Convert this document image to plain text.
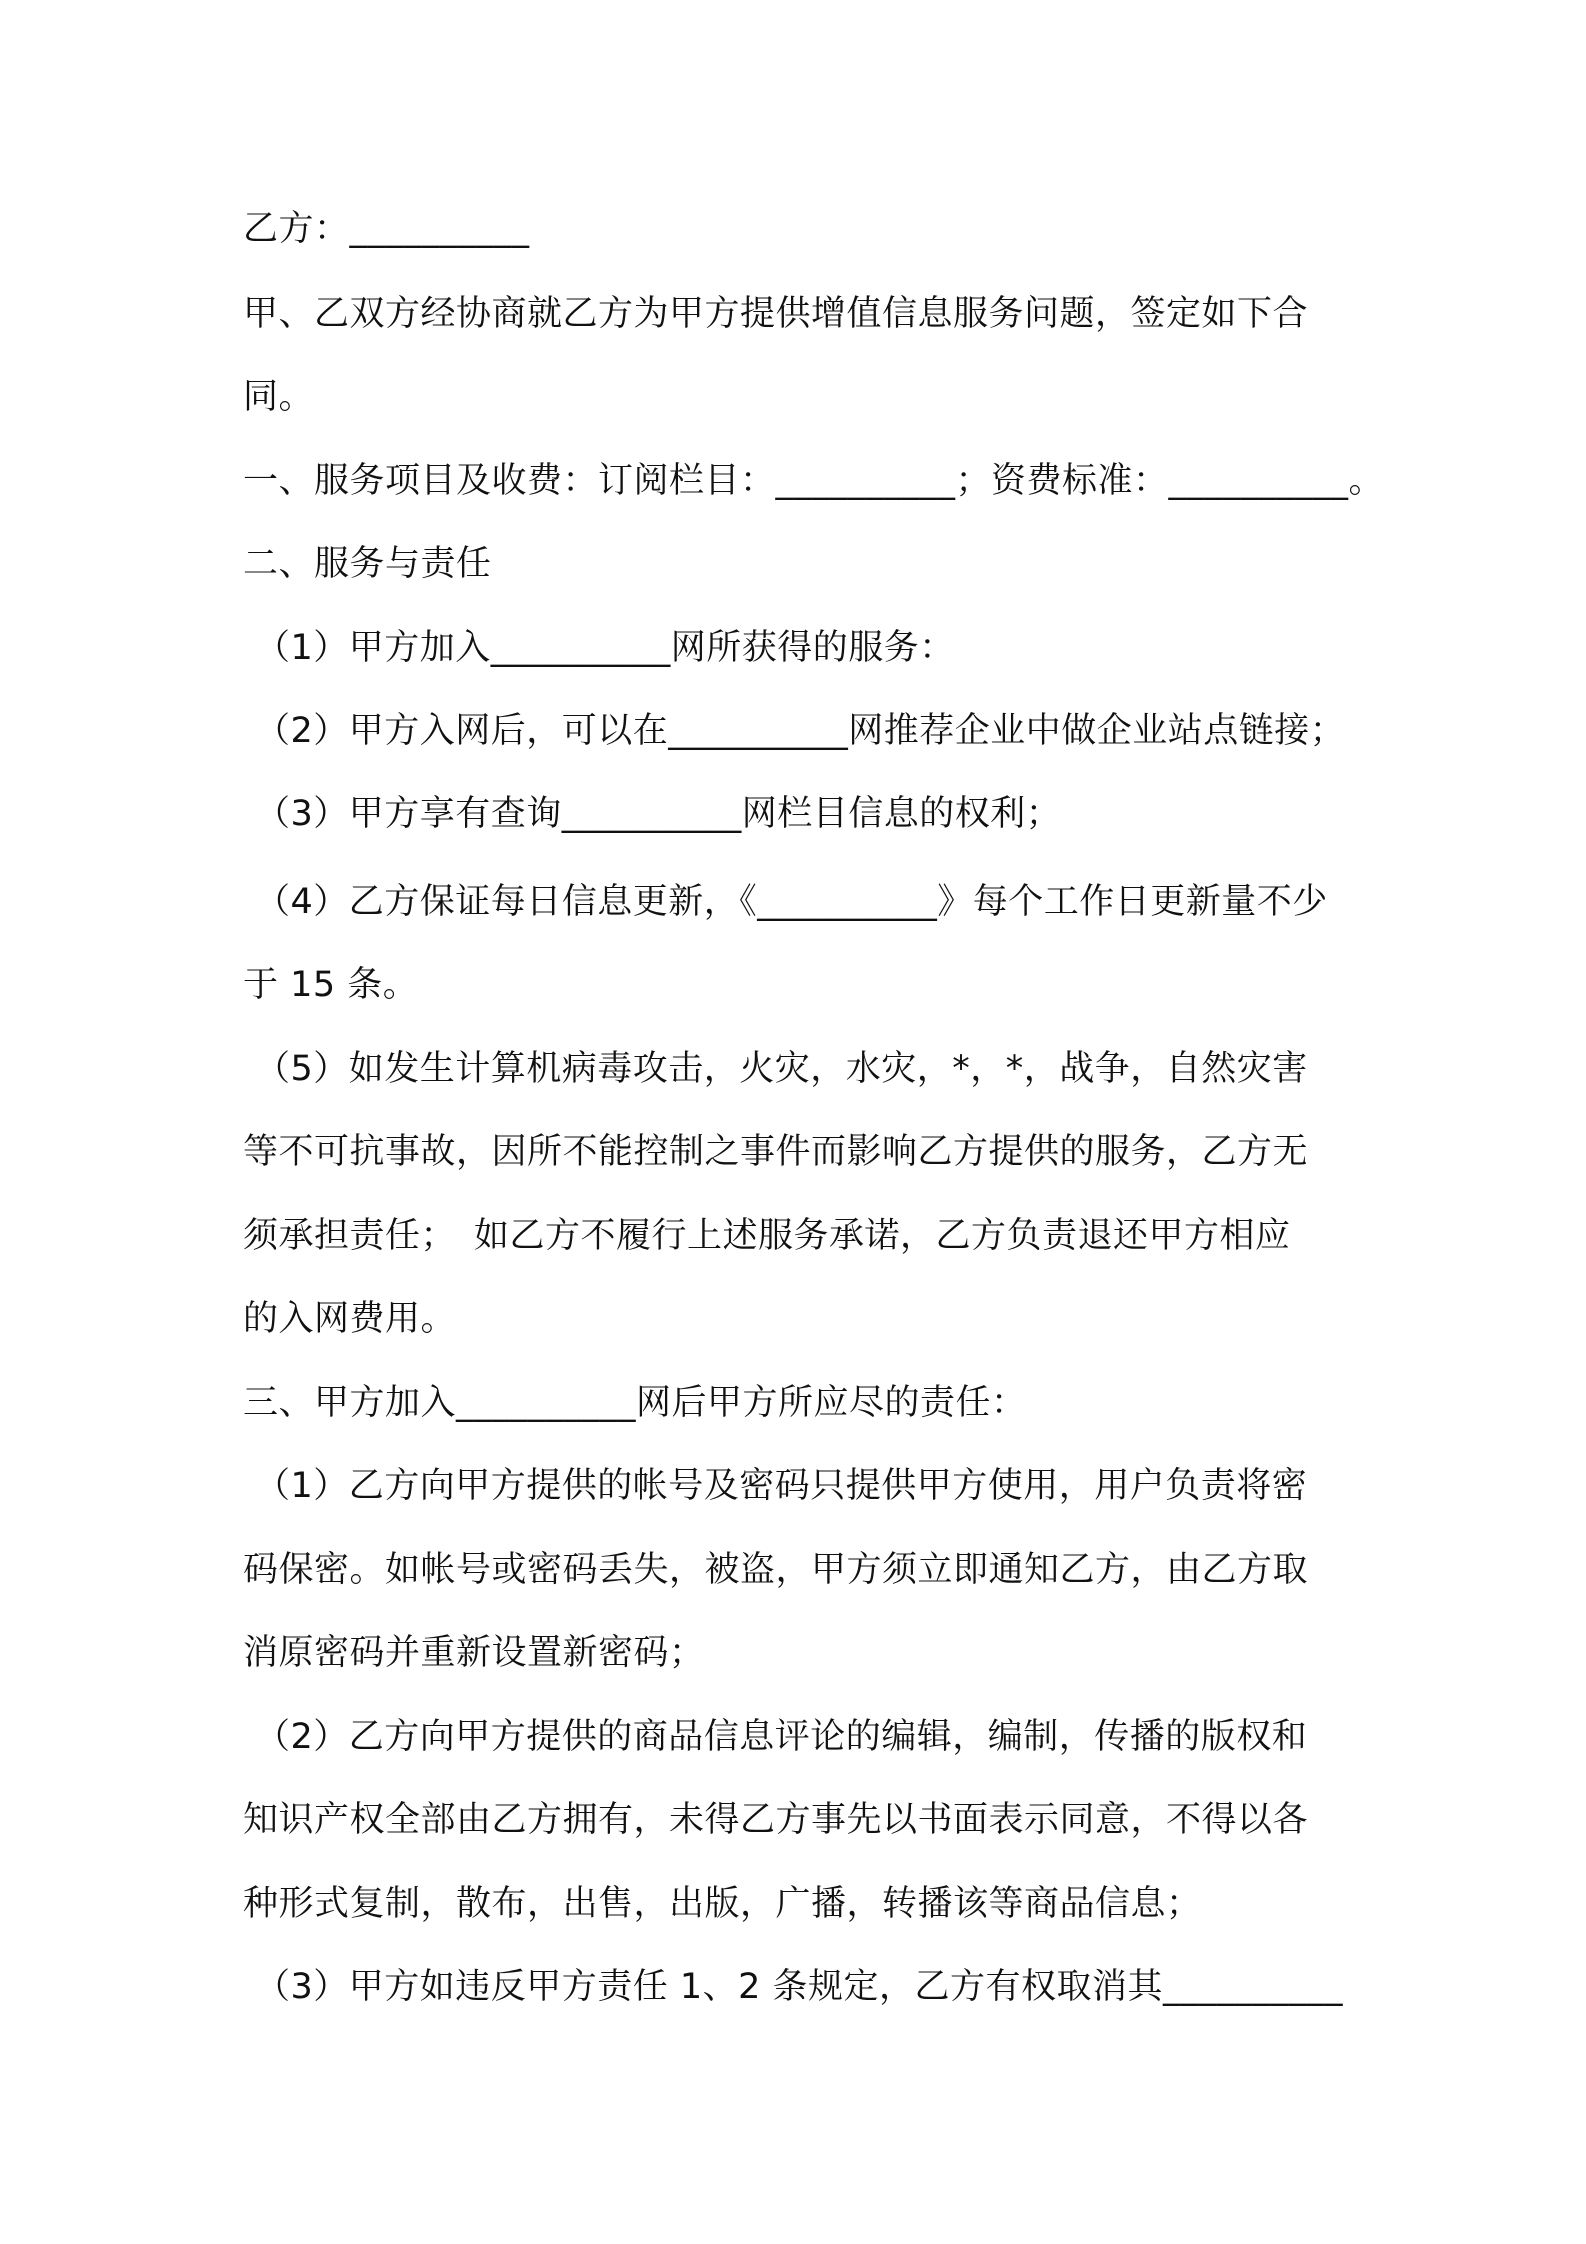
乙方：__________
甲、乙双方经协商就乙方为甲方提供增值信息服务问题，签定如下合
同。
一、服务项目及收费：订阅栏目：__________；资费标准：__________。
二、服务与责任
（1）甲方加入__________网所获得的服务：
（2）甲方入网后，可以在__________网推荐企业中做企业站点链接；
（3）甲方享有查询__________网栏目信息的权利；
（4）乙方保证每日信息更新，《__________》每个工作日更新量不少
于 15 条。
（5）如发生计算机病毒攻击，火灾，水灾，*，*，战争，自然灾害
等不可抗事故，因所不能控制之事件而影响乙方提供的服务，乙方无
须承担责任；　如乙方不履行上述服务承诺，乙方负责退还甲方相应
的入网费用。
三、甲方加入__________网后甲方所应尽的责任：
（1）乙方向甲方提供的帐号及密码只提供甲方使用，用户负责将密
码保密。如帐号或密码丢失，被盗，甲方须立即通知乙方，由乙方取
消原密码并重新设置新密码；
（2）乙方向甲方提供的商品信息评论的编辑，编制，传播的版权和
知识产权全部由乙方拥有，未得乙方事先以书面表示同意，不得以各
种形式复制，散布，出售，出版，广播，转播该等商品信息；
（3）甲方如违反甲方责任 1、2 条规定，乙方有权取消其__________
